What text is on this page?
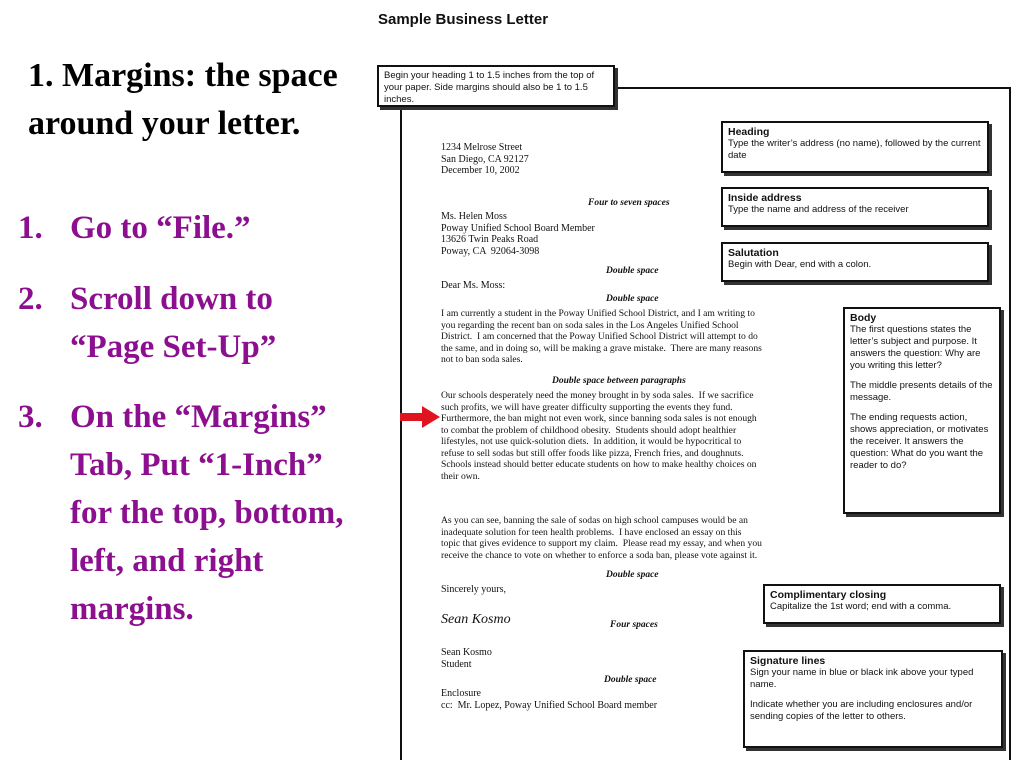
1. Margins: the space around your letter.
1. Go to “File.”
2. Scroll down to “Page Set-Up”
3. On the “Margins” Tab, Put “1-Inch” for the top, bottom, left, and right margins.
Sample Business Letter
Begin your heading 1 to 1.5 inches from the top of your paper. Side margins should also be 1 to 1.5 inches.
Heading
Type the writer’s address (no name), followed by the current date
Inside address
Type the name and address of the receiver
Salutation
Begin with Dear, end with a colon.
Body
The first questions states the letter’s subject and purpose. It answers the question: Why are you writing this letter?
The middle presents details of the message.
The ending requests action, shows appreciation, or motivates the receiver. It answers the question: What do you want the reader to do?
Complimentary closing
Capitalize the 1st word; end with a comma.
Signature lines
Sign your name in blue or black ink above your typed name.
Indicate whether you are including enclosures and/or sending copies of the letter to others.
1234 Melrose Street
San Diego, CA 92127
December 10, 2002
Four to seven spaces
Ms. Helen Moss
Poway Unified School Board Member
13626 Twin Peaks Road
Poway, CA  92064-3098
Double space
Dear Ms. Moss:
Double space
I am currently a student in the Poway Unified School District, and I am writing to
you regarding the recent ban on soda sales in the Los Angeles Unified School
District.  I am concerned that the Poway Unified School District will attempt to do
the same, and in doing so, will be making a grave mistake.  There are many reasons
not to ban soda sales.
Double space between paragraphs
Our schools desperately need the money brought in by soda sales.  If we sacrifice
such profits, we will have greater difficulty supporting the events they fund.
Furthermore, the ban might not even work, since banning soda sales is not enough
to combat the problem of childhood obesity.  Students should adopt healthier
lifestyles, not use quick-solution diets.  In addition, it would be hypocritical to
refuse to sell sodas but still offer foods like pizza, French fries, and doughnuts.
Schools instead should better educate students on how to make healthy choices on
their own.
As you can see, banning the sale of sodas on high school campuses would be an
inadequate solution for teen health problems.  I have enclosed an essay on this
topic that gives evidence to support my claim.  Please read my essay, and when you
receive the chance to vote on whether to enforce a soda ban, please vote against it.
Double space
Sincerely yours,
Sean Kosmo	Four spaces
Sean Kosmo
Student
Double space
Enclosure
cc:  Mr. Lopez, Poway Unified School Board member
